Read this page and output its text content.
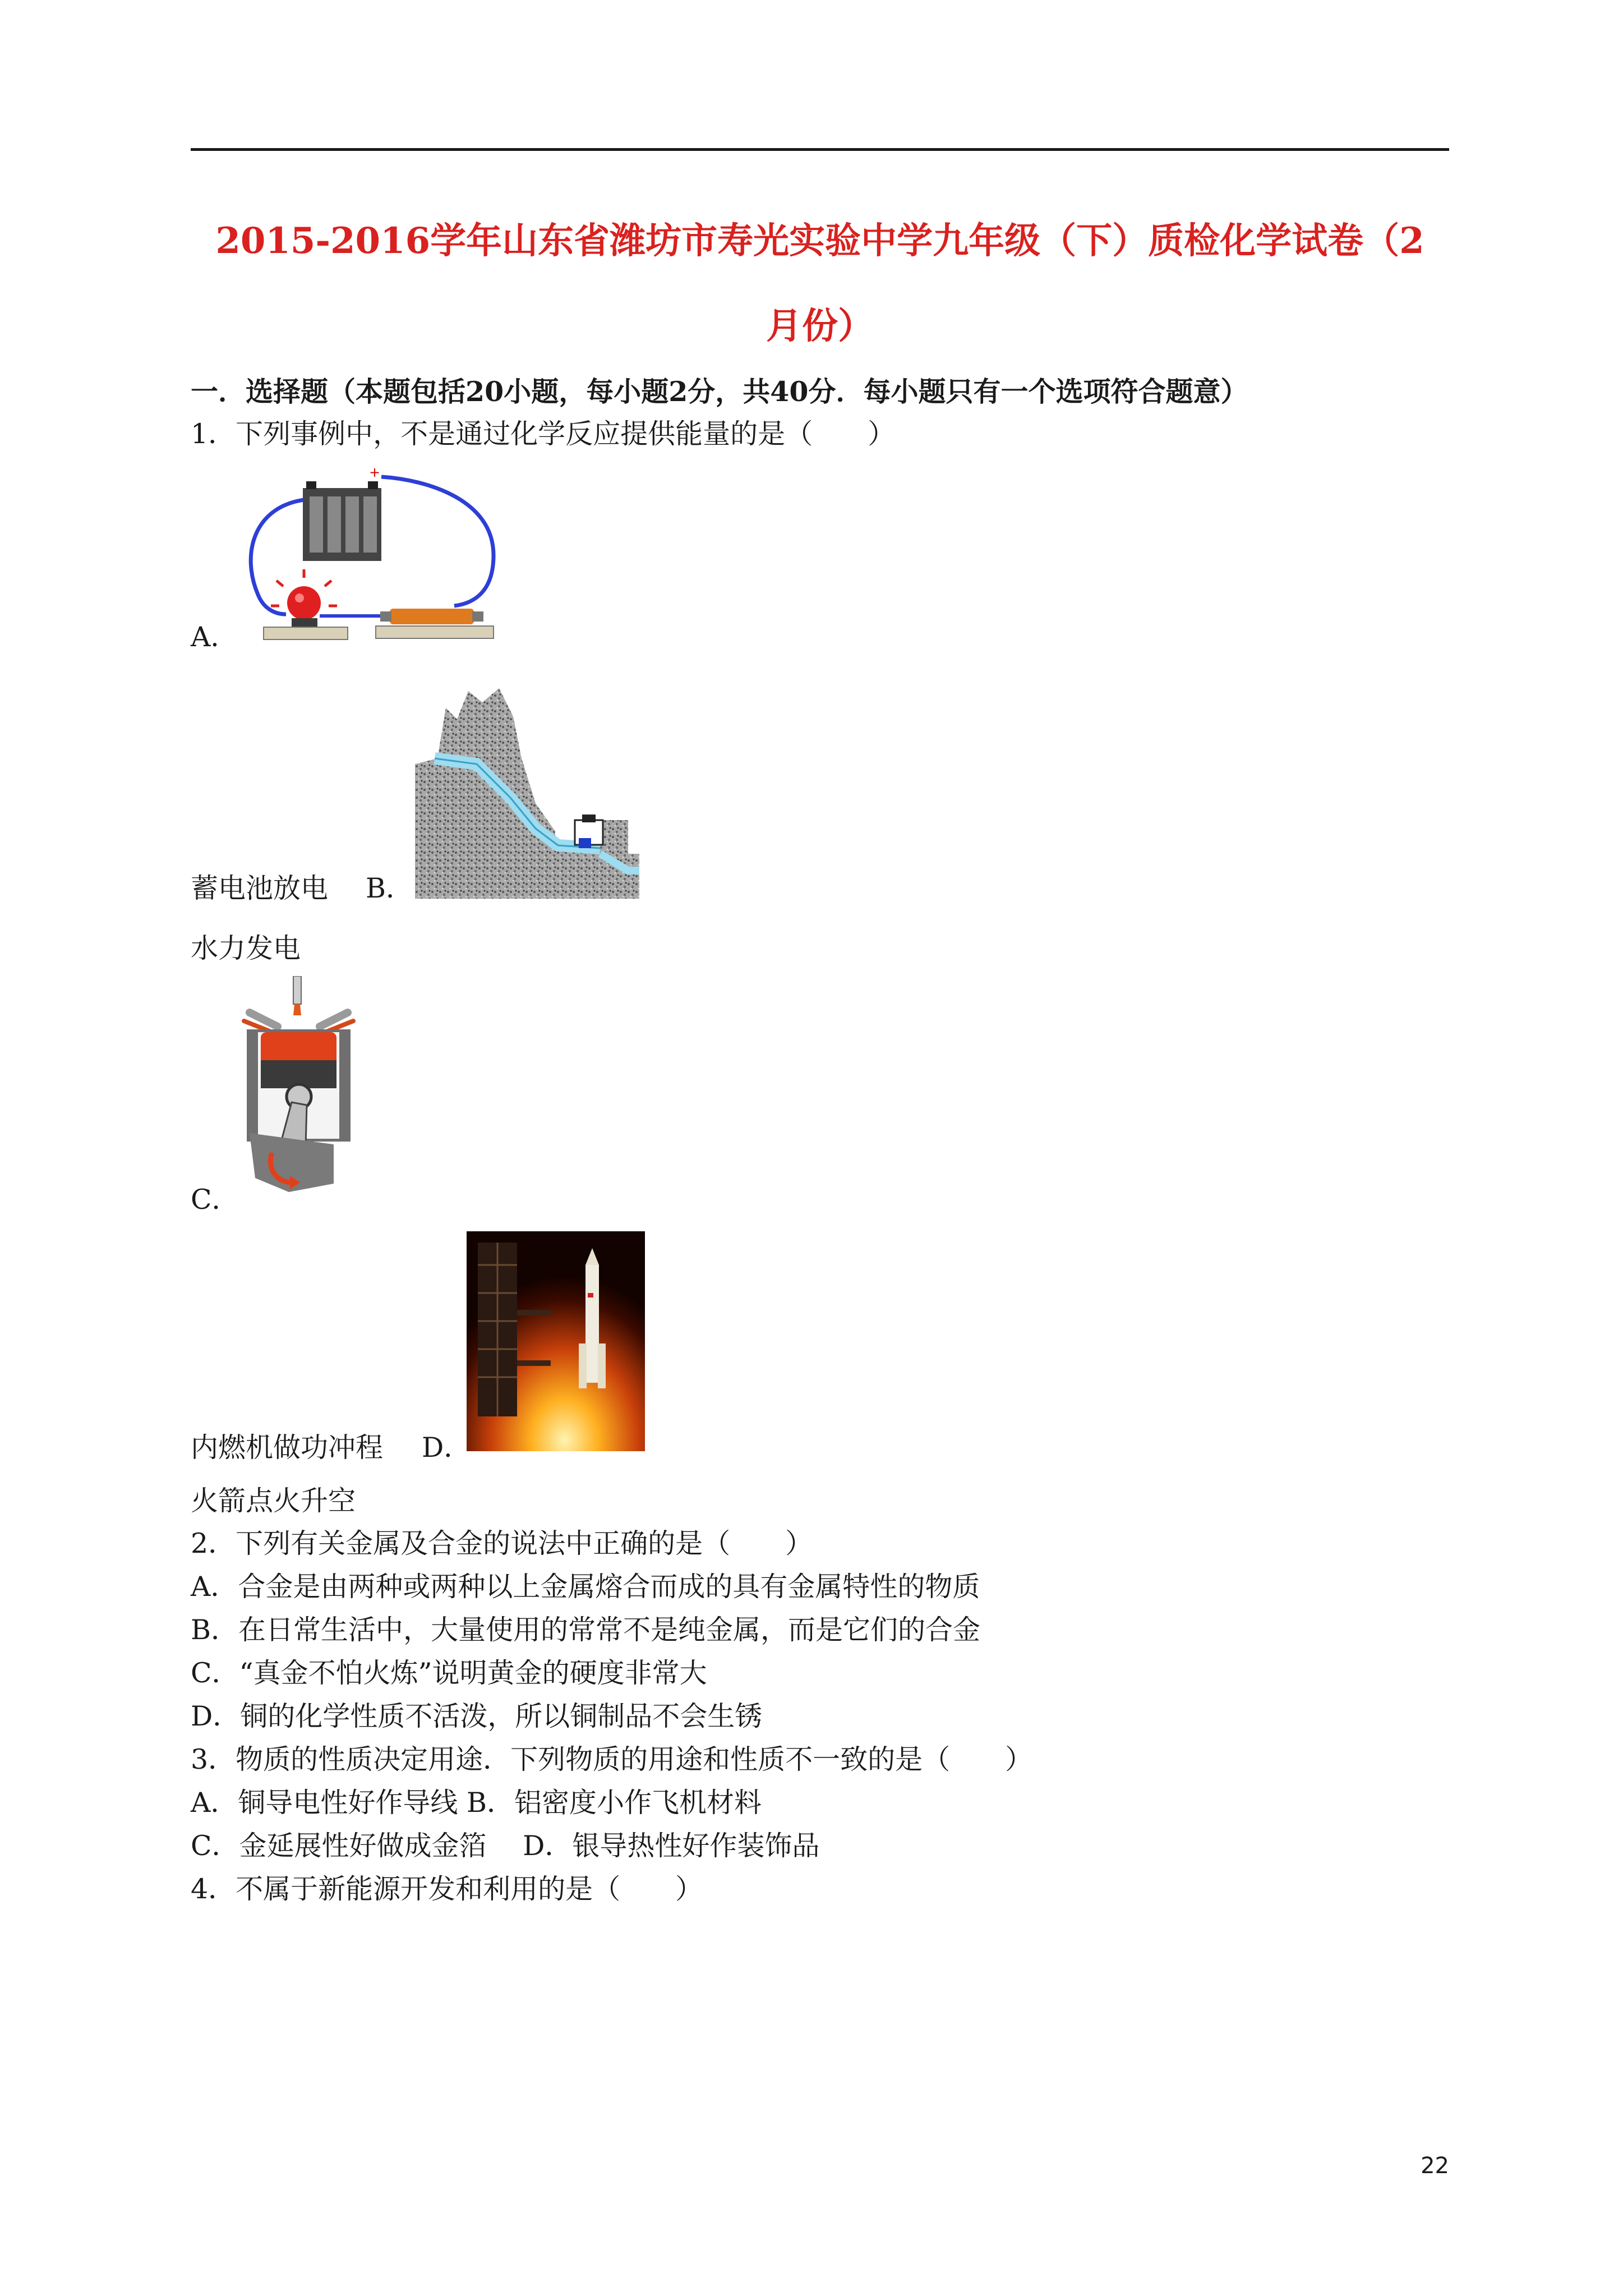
2015-2016学年山东省潍坊市寿光实验中学九年级（下）质检化学试卷（2
月份）
一．选择题（本题包括20小题，每小题2分，共40分．每小题只有一个选项符合题意）
1．下列事例中，不是通过化学反应提供能量的是（　　）
+
A．
蓄电池放电 B．
水力发电
C．
内燃机做功冲程 D．
火箭点火升空
2．下列有关金属及合金的说法中正确的是（　　）
A．合金是由两种或两种以上金属熔合而成的具有金属特性的物质
B．在日常生活中，大量使用的常常不是纯金属，而是它们的合金
C．“真金不怕火炼”说明黄金的硬度非常大
D．铜的化学性质不活泼，所以铜制品不会生锈
3．物质的性质决定用途．下列物质的用途和性质不一致的是（　　）
A．铜导电性好作导线 B．铝密度小作飞机材料
C．金延展性好做成金箔　 D．银导热性好作装饰品
4．不属于新能源开发和利用的是（　　）
22
